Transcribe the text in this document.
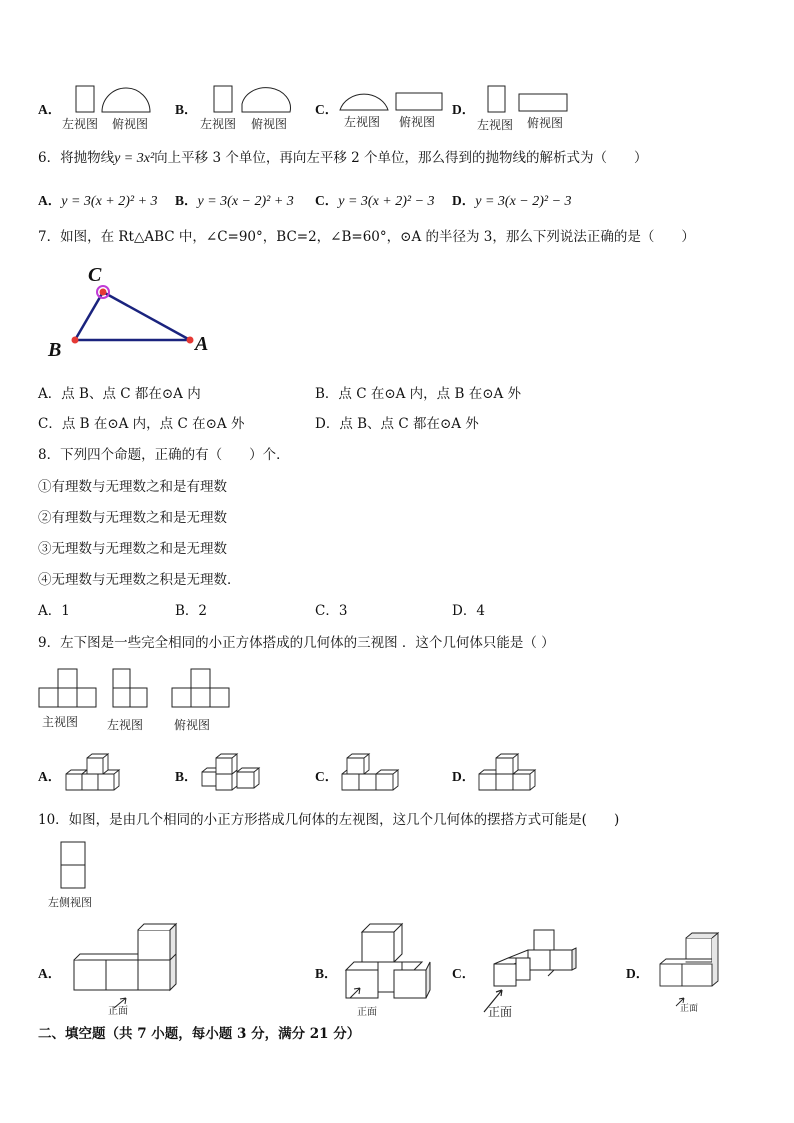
A．
左视图 俯视图
B．
左视图 俯视图
C．
左视图 俯视图
D．
左视图 俯视图
6．将抛物线y = 3x²向上平移 3 个单位，再向左平移 2 个单位，那么得到的抛物线的解析式为（　　）
A．y = 3(x + 2)² + 3 B．y = 3(x − 2)² + 3 C．y = 3(x + 2)² − 3 D．y = 3(x − 2)² − 3
7．如图，在 Rt△ABC 中，∠C=90°，BC=2，∠B=60°，⊙A 的半径为 3，那么下列说法正确的是（　　）
C
B	A
A．点 B、点 C 都在⊙A 内	B．点 C 在⊙A 内，点 B 在⊙A 外
C．点 B 在⊙A 内，点 C 在⊙A 外	D．点 B、点 C 都在⊙A 外
8．下列四个命题，正确的有（　　）个．
①有理数与无理数之和是有理数
②有理数与无理数之和是无理数
③无理数与无理数之和是无理数
④无理数与无理数之积是无理数．
A．1	B．2	C．3	D．4
9．左下图是一些完全相同的小正方体搭成的几何体的三视图 ．这个几何体只能是（ ）
主视图 左视图	俯视图
A．	B．	C．	D．
10．如图，是由几个相同的小正方形搭成几何体的左视图，这几个几何体的摆搭方式可能是(　　)
左侧视图
A．
正面
B．
正面
C．
正面
D．
正面
二、填空题（共 7 小题，每小题 3 分，满分 21 分）
